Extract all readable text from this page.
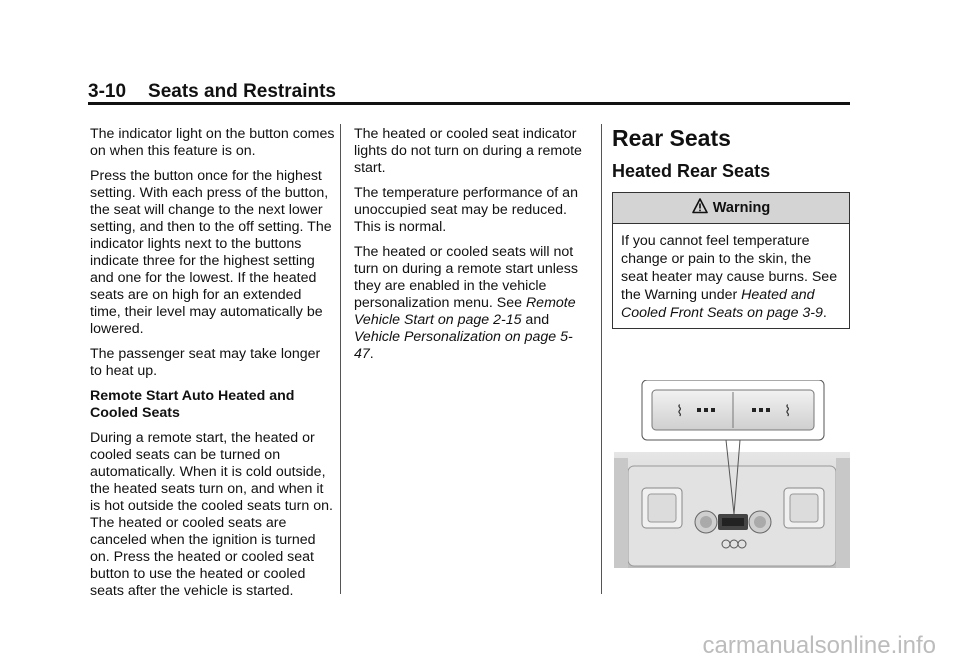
3-10 Seats and Restraints

The indicator light on the button comes on when this feature is on.

Press the button once for the highest setting. With each press of the button, the seat will change to the next lower setting, and then to the off setting. The indicator lights next to the buttons indicate three for the highest setting and one for the lowest. If the heated seats are on high for an extended time, their level may automatically be lowered.

The passenger seat may take longer to heat up.

Remote Start Auto Heated and Cooled Seats

During a remote start, the heated or cooled seats can be turned on automatically. When it is cold outside, the heated seats turn on, and when it is hot outside the cooled seats turn on. The heated or cooled seats are canceled when the ignition is turned on. Press the heated or cooled seat button to use the heated or cooled seats after the vehicle is started.

The heated or cooled seat indicator lights do not turn on during a remote start.

The temperature performance of an unoccupied seat may be reduced. This is normal.

The heated or cooled seats will not turn on during a remote start unless they are enabled in the vehicle personalization menu. See Remote Vehicle Start on page 2-15 and Vehicle Personalization on page 5-47.

Rear Seats
Heated Rear Seats
Warning
If you cannot feel temperature change or pain to the skin, the seat heater may cause burns. See the Warning under Heated and Cooled Front Seats on page 3-9.
⌇	⌇
carmanualsonline.info
